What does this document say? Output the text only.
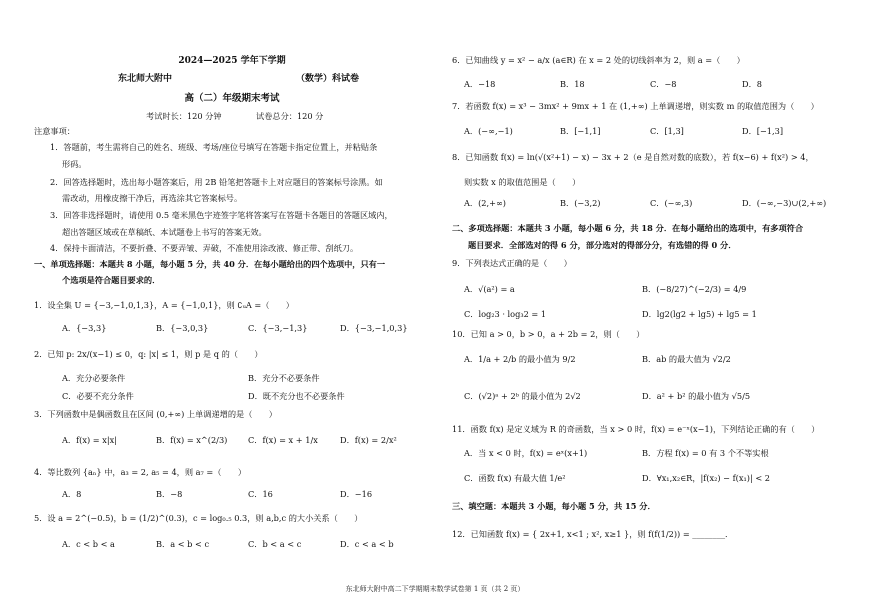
2024—2025 学年下学期
东北师大附中	（数学）科试卷
高（二）年级期末考试
考试时长：120 分钟	试卷总分：120 分
注意事项：
1．答题前，考生需将自己的姓名、班级、考场/座位号填写在答题卡指定位置上，并粘贴条
形码。
2．回答选择题时，选出每小题答案后，用 2B 铅笔把答题卡上对应题目的答案标号涂黑。如
需改动，用橡皮擦干净后，再选涂其它答案标号。
3．回答非选择题时，请使用 0.5 毫米黑色字迹签字笔将答案写在答题卡各题目的答题区域内，
超出答题区域或在草稿纸、本试题卷上书写的答案无效。
4．保持卡面清洁，不要折叠、不要弄皱、弄破，不准使用涂改液、修正带、刮纸刀。
一、单项选择题：本题共 8 小题，每小题 5 分，共 40 分．在每小题给出的四个选项中，只有一
个选项是符合题目要求的．
1．设全集 U = {−3,−1,0,1,3}，A = {−1,0,1}，则 ∁ᵤA =（　　）
A．{−3,3}	B．{−3,0,3}	C．{−3,−1,3}	D．{−3,−1,0,3}
2．已知 p: 2x/(x−1) ≤ 0，q: |x| ≤ 1，则 p 是 q 的（　　）
A．充分必要条件	B．充分不必要条件
C．必要不充分条件	D．既不充分也不必要条件
3．下列函数中是偶函数且在区间 (0,+∞) 上单调递增的是（　　）
A．f(x) = x|x|	B．f(x) = x^(2/3)	C．f(x) = x + 1/x	D．f(x) = 2/x²
4．等比数列 {aₙ} 中，a₃ = 2, a₅ = 4，则 a₇ =（　　）
A．8	B．−8	C．16	D．−16
5．设 a = 2^(−0.5)，b = (1/2)^(0.3)，c = log₀.₅ 0.3，则 a,b,c 的大小关系（　　）
A．c < b < a	B．a < b < c	C．b < a < c	D．c < a < b
6．已知曲线 y = x² − a/x (a∈R) 在 x = 2 处的切线斜率为 2，则 a =（　　）
A．−18	B．18	C．−8	D．8
7．若函数 f(x) = x³ − 3mx² + 9mx + 1 在 (1,+∞) 上单调递增，则实数 m 的取值范围为（　　）
A．(−∞,−1)	B．[−1,1]	C．[1,3]	D．[−1,3]
8．已知函数 f(x) = ln(√(x²+1) − x) − 3x + 2（e 是自然对数的底数），若 f(x−6) + f(x²) > 4，
则实数 x 的取值范围是（　　）
A．(2,+∞)	B．(−3,2)	C．(−∞,3)	D．(−∞,−3)∪(2,+∞)
二、多项选择题：本题共 3 小题，每小题 6 分，共 18 分．在每小题给出的选项中，有多项符合
题目要求．全部选对的得 6 分，部分选对的得部分分，有选错的得 0 分．
9．下列表达式正确的是（　　）
A．√(a²) = a	B．(−8/27)^(−2/3) = 4/9
C．log₂3 · log₃2 = 1	D．lg2(lg2 + lg5) + lg5 = 1
10．已知 a > 0，b > 0，a + 2b = 2，则（　　）
A．1/a + 2/b 的最小值为 9/2	B．ab 的最大值为 √2/2
C．(√2)ᵃ + 2ᵇ 的最小值为 2√2	D．a² + b² 的最小值为 √5/5
11．函数 f(x) 是定义域为 R 的奇函数，当 x > 0 时，f(x) = e⁻ˣ(x−1)，下列结论正确的有（　　）
A．当 x < 0 时，f(x) = eˣ(x+1)	B．方程 f(x) = 0 有 3 个不等实根
C．函数 f(x) 有最大值 1/e²	D．∀x₁,x₂∈R，|f(x₂) − f(x₁)| < 2
三、填空题：本题共 3 小题，每小题 5 分，共 15 分．
12．已知函数 f(x) = { 2x+1, x<1 ; x², x≥1 }，则 f(f(1/2)) = ________．
东北师大附中高二下学期期末数学试卷第 1 页（共 2 页）
